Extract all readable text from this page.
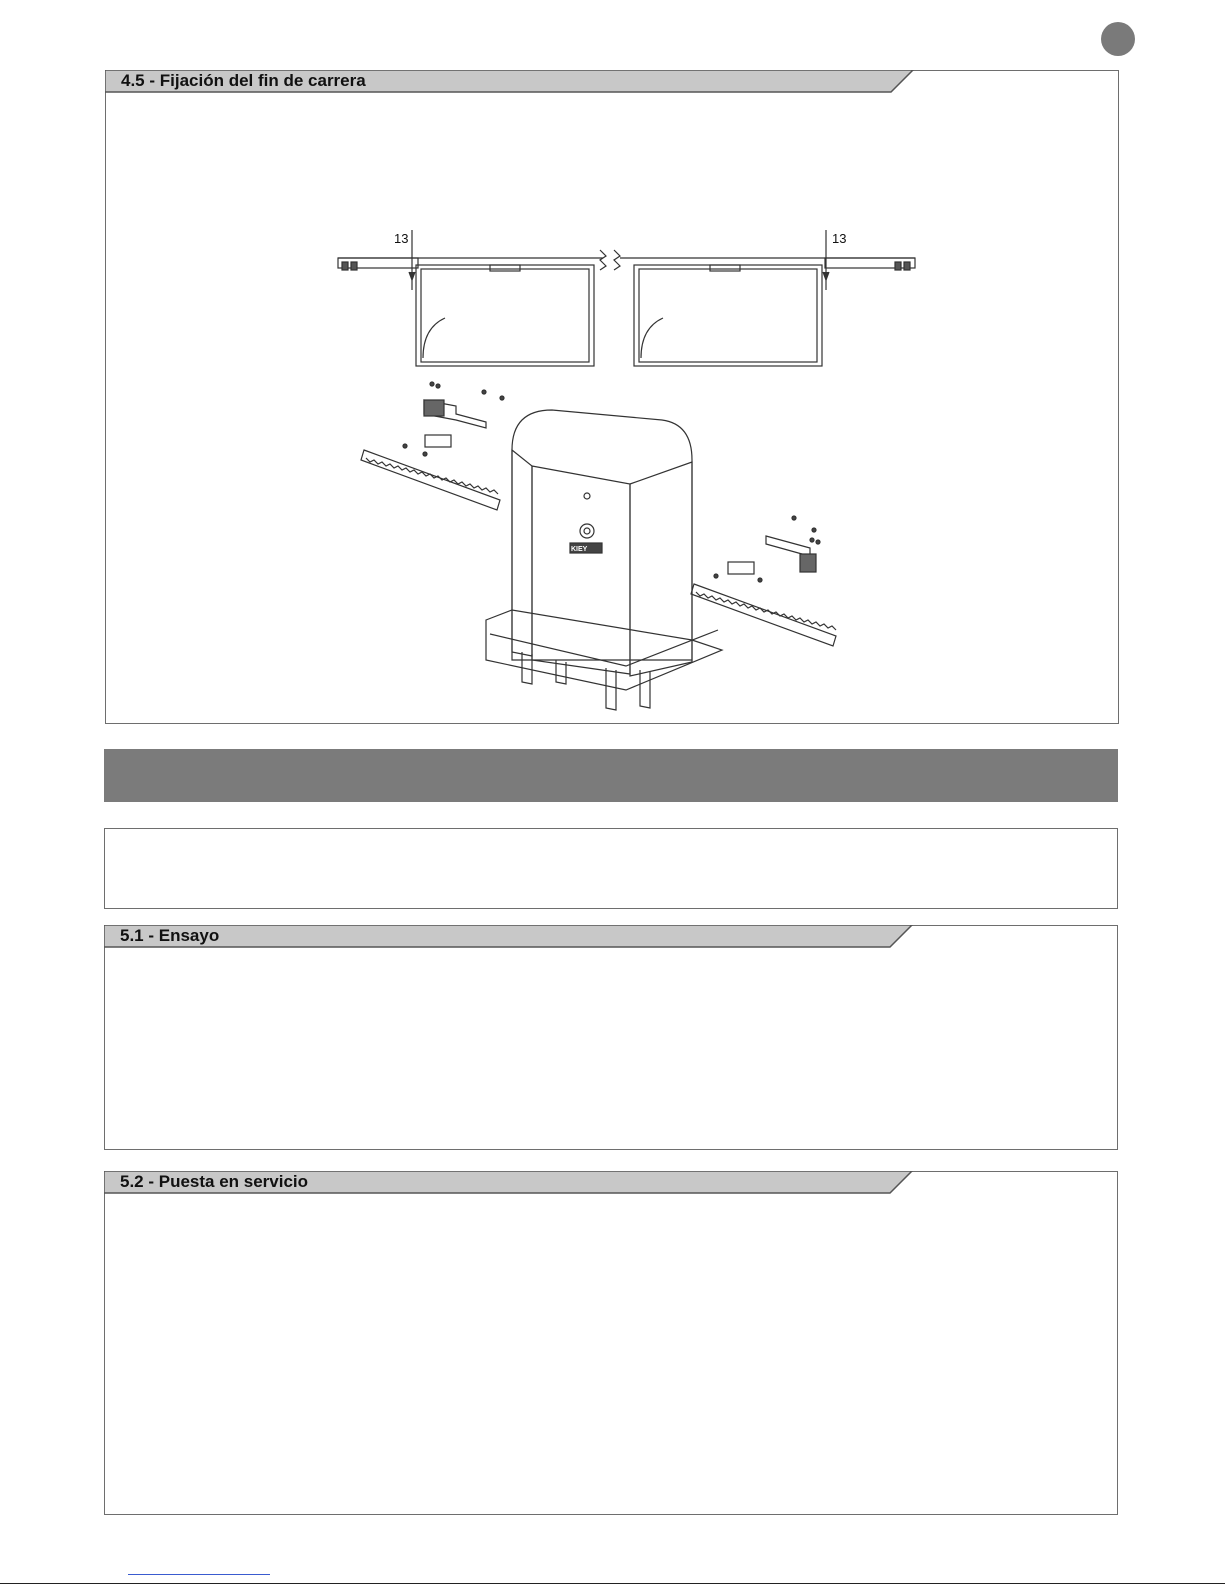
4.5 - Fijación del fin de carrera
13	13
KIEY
5.1 - Ensayo
5.2 - Puesta en servicio
